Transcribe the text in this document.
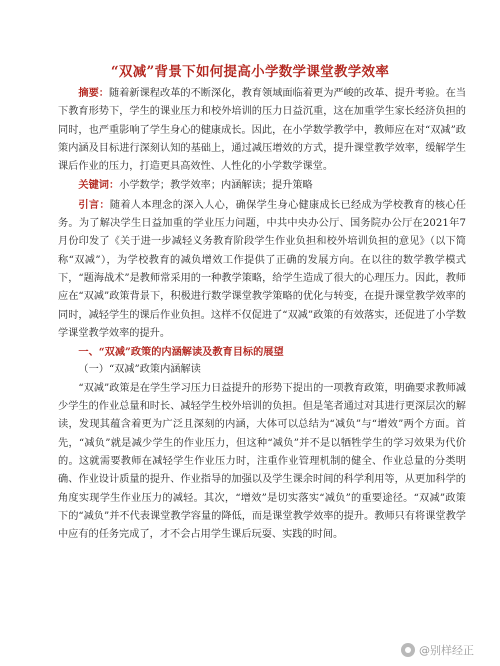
“双减”背景下如何提高小学数学课堂教学效率

摘要：随着新课程改革的不断深化，教育领域面临着更为严峻的改革、提升考验。在当下教育形势下，学生的课业压力和校外培训的压力日益沉重，这在加重学生家长经济负担的同时，也严重影响了学生身心的健康成长。因此，在小学数学教学中，教师应在对“双减”政策内涵及目标进行深刻认知的基础上，通过减压增效的方式，提升课堂教学效率，缓解学生课后作业的压力，打造更具高效性、人性化的小学数学课堂。

关键词：小学数学；教学效率；内涵解读；提升策略

引言：随着人本理念的深入人心，确保学生身心健康成长已经成为学校教育的核心任务。为了解决学生日益加重的学业压力问题，中共中央办公厅、国务院办公厅在2021年7月份印发了《关于进一步减轻义务教育阶段学生作业负担和校外培训负担的意见》（以下简称“双减”），为学校教育的减负增效工作提供了正确的发展方向。在以往的数学教学模式下，“题海战术”是教师常采用的一种教学策略，给学生造成了很大的心理压力。因此，教师应在“双减”政策背景下，积极进行数学课堂教学策略的优化与转变，在提升课堂教学效率的同时，减轻学生的课后作业负担。这样不仅促进了“双减”政策的有效落实，还促进了小学数学课堂教学效率的提升。

一、“双减”政策的内涵解读及教育目标的展望

（一）“双减”政策内涵解读

“双减”政策是在学生学习压力日益提升的形势下提出的一项教育政策，明确要求教师减少学生的作业总量和时长、减轻学生校外培训的负担。但是笔者通过对其进行更深层次的解读，发现其蕴含着更为广泛且深刻的内涵，大体可以总结为“减负”与“增效”两个方面。首先，“减负”就是减少学生的作业压力，但这种“减负”并不是以牺牲学生的学习效果为代价的。这就需要教师在减轻学生作业压力时，注重作业管理机制的健全、作业总量的分类明确、作业设计质量的提升、作业指导的加强以及学生课余时间的科学利用等，从更加科学的角度实现学生作业压力的减轻。其次，“增效”是切实落实“减负”的重要途径。“双减”政策下的“减负”并不代表课堂教学容量的降低，而是课堂教学效率的提升。教师只有将课堂教学中应有的任务完成了，才不会占用学生课后玩耍、实践的时间。

@别样经正
